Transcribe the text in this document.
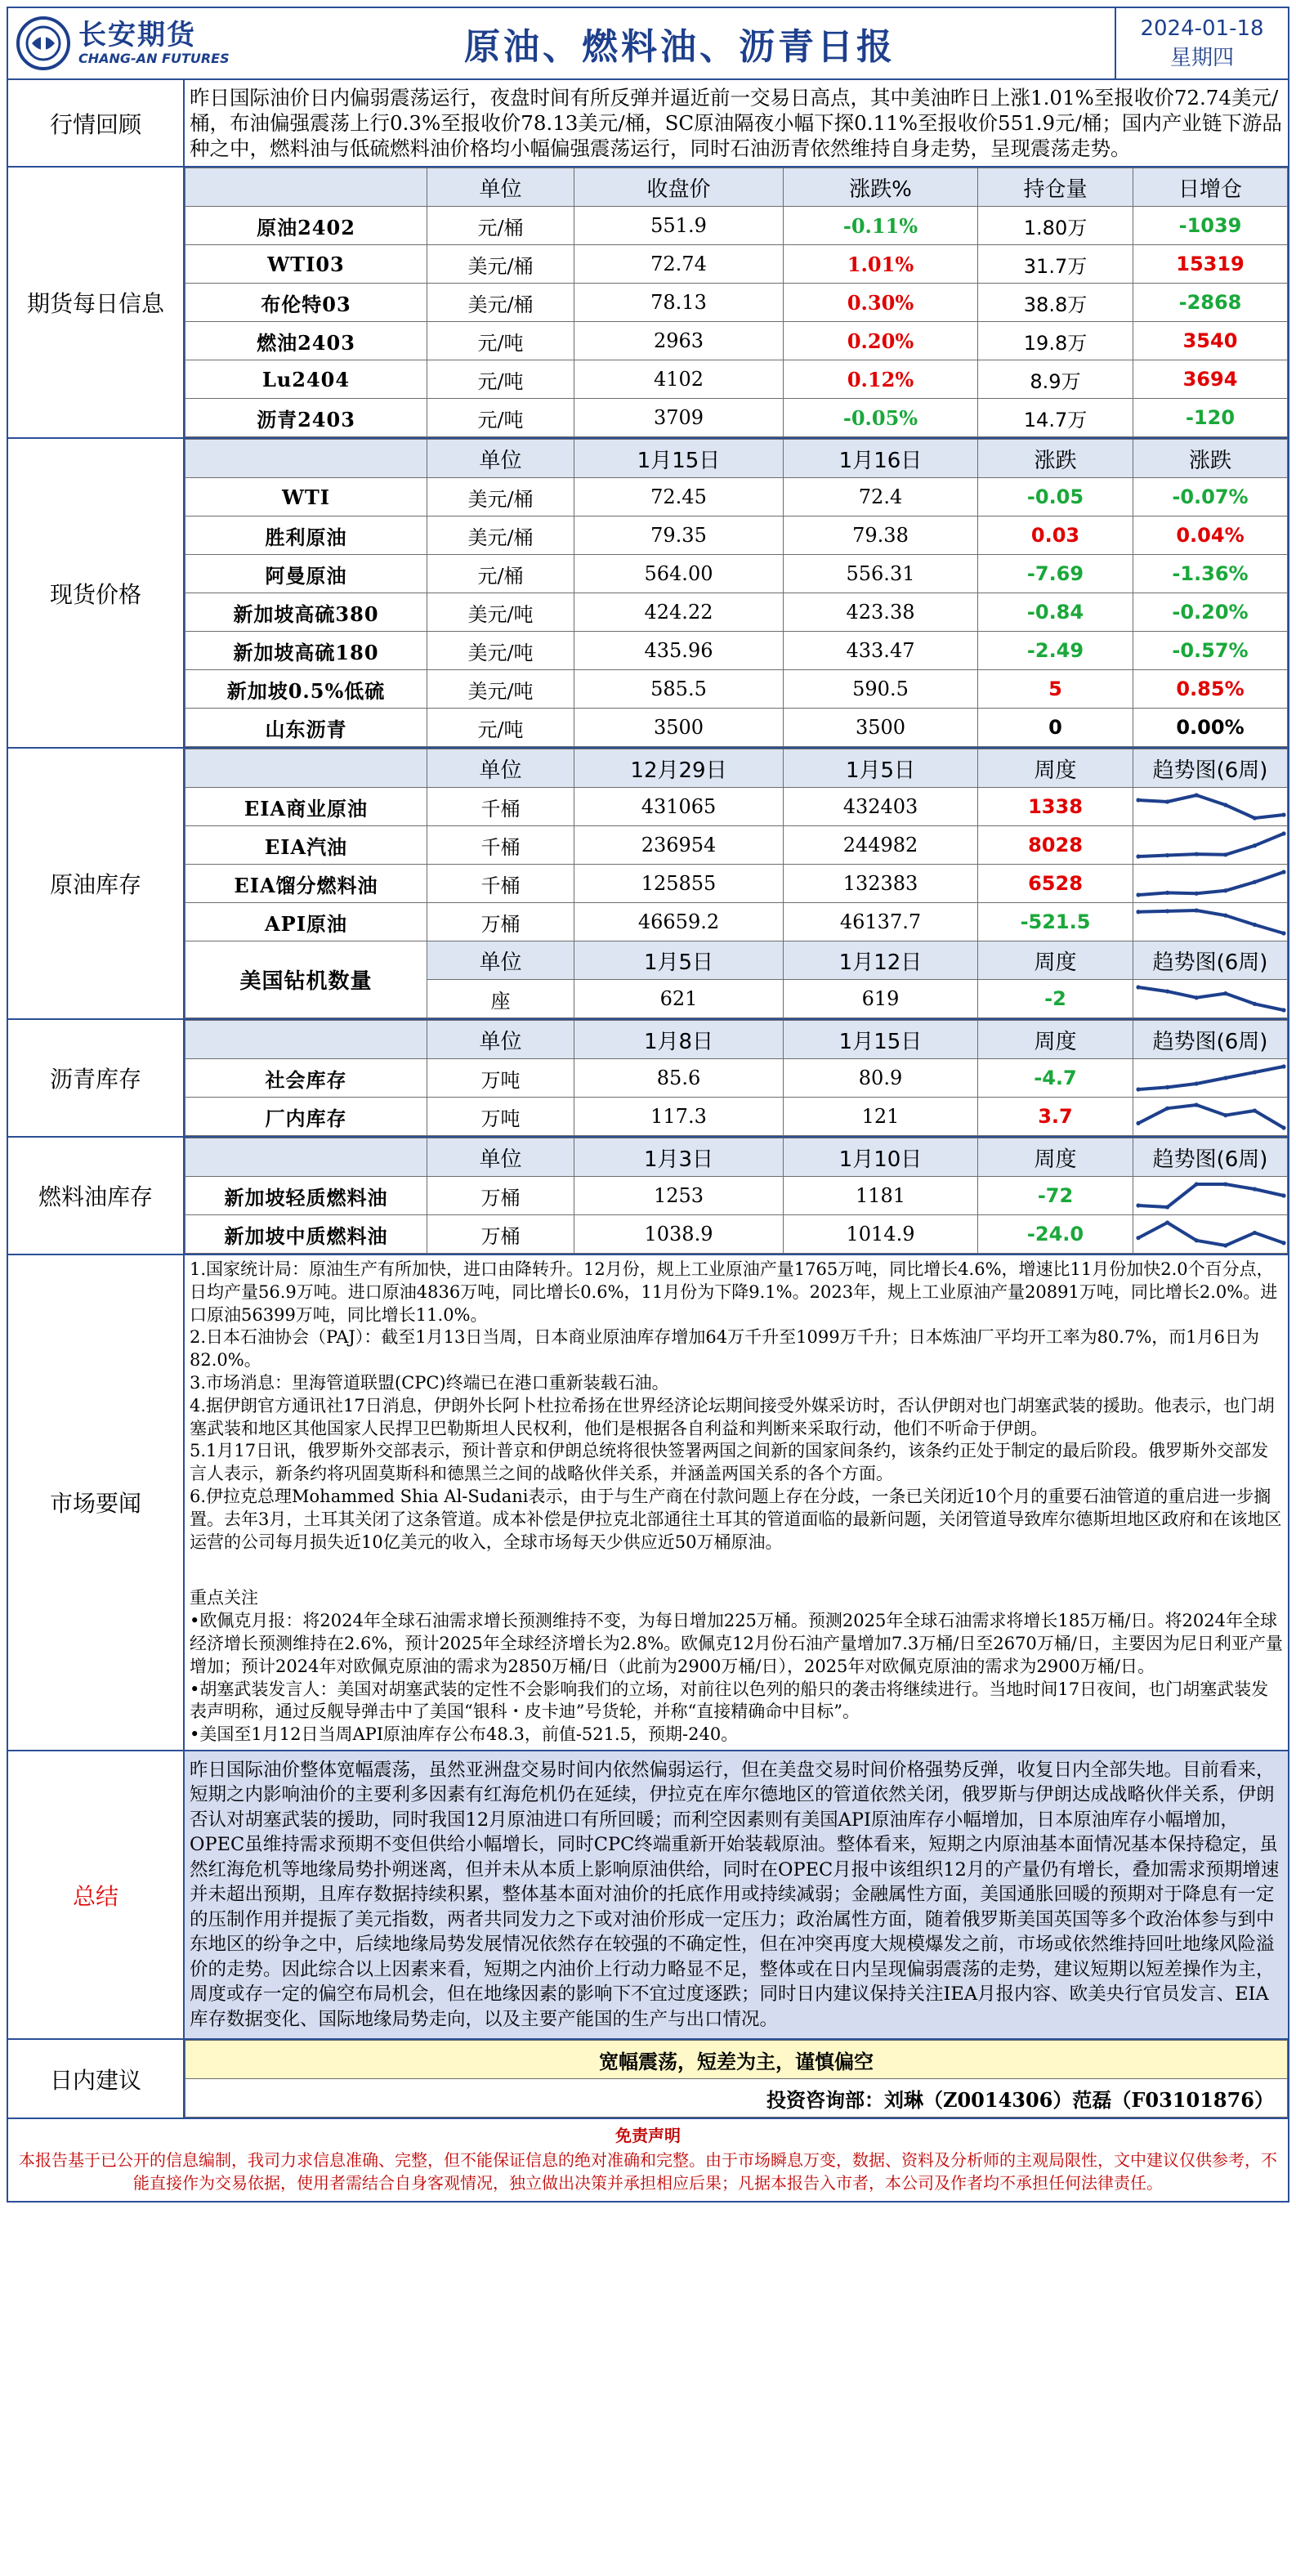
长安期货
CHANG-AN FUTURES	原油、燃料油、沥青日报	2024-01-18
星期四
行情回顾
昨日国际油价日内偏弱震荡运行，夜盘时间有所反弹并逼近前一交易日高点，其中美油昨日上涨1.01%至报收价72.74美元/桶，布油偏强震荡上行0.3%至报收价78.13美元/桶，SC原油隔夜小幅下探0.11%至报收价551.9元/桶；国内产业链下游品种之中，燃料油与低硫燃料油价格均小幅偏强震荡运行，同时石油沥青依然维持自身走势，呈现震荡走势。
期货每日信息
	单位	收盘价	涨跌%	持仓量	日增仓
原油2402	元/桶	551.9	-0.11%	1.80万	-1039
WTI03	美元/桶	72.74	1.01%	31.7万	15319
布伦特03	美元/桶	78.13	0.30%	38.8万	-2868
燃油2403	元/吨	2963	0.20%	19.8万	3540
Lu2404	元/吨	4102	0.12%	8.9万	3694
沥青2403	元/吨	3709	-0.05%	14.7万	-120
现货价格
	单位	1月15日	1月16日	涨跌	涨跌
WTI	美元/桶	72.45	72.4	-0.05	-0.07%
胜利原油	美元/桶	79.35	79.38	0.03	0.04%
阿曼原油	元/桶	564.00	556.31	-7.69	-1.36%
新加坡高硫380	美元/吨	424.22	423.38	-0.84	-0.20%
新加坡高硫180	美元/吨	435.96	433.47	-2.49	-0.57%
新加坡0.5%低硫	美元/吨	585.5	590.5	5	0.85%
山东沥青	元/吨	3500	3500	0	0.00%
原油库存
	单位	12月29日	1月5日	周度	趋势图(6周)
EIA商业原油	千桶	431065	432403	1338	

EIA汽油	千桶	236954	244982	8028	

EIA馏分燃料油	千桶	125855	132383	6528	

API原油	万桶	46659.2	46137.7	-521.5	

美国钻机数量	单位	1月5日	1月12日	周度	趋势图(6周)
	座	621	619	-2	
沥青库存
	单位	1月8日	1月15日	周度	趋势图(6周)
社会库存	万吨	85.6	80.9	-4.7	

厂内库存	万吨	117.3	121	3.7	
燃料油库存
	单位	1月3日	1月10日	周度	趋势图(6周)
新加坡轻质燃料油	万桶	1253	1181	-72	

新加坡中质燃料油	万桶	1038.9	1014.9	-24.0	
市场要闻

1.国家统计局：原油生产有所加快，进口由降转升。12月份，规上工业原油产量1765万吨，同比增长4.6%，增速比11月份加快2.0个百分点，日均产量56.9万吨。进口原油4836万吨，同比增长0.6%，11月份为下降9.1%。2023年，规上工业原油产量20891万吨，同比增长2.0%。进口原油56399万吨，同比增长11.0%。

2.日本石油协会（PAJ）：截至1月13日当周，日本商业原油库存增加64万千升至1099万千升；日本炼油厂平均开工率为80.7%，而1月6日为82.0%。

3.市场消息：里海管道联盟(CPC)终端已在港口重新装载石油。

4.据伊朗官方通讯社17日消息，伊朗外长阿卜杜拉希扬在世界经济论坛期间接受外媒采访时，否认伊朗对也门胡塞武装的援助。他表示，也门胡塞武装和地区其他国家人民捍卫巴勒斯坦人民权利，他们是根据各自利益和判断来采取行动，他们不听命于伊朗。

5.1月17日讯，俄罗斯外交部表示，预计普京和伊朗总统将很快签署两国之间新的国家间条约，该条约正处于制定的最后阶段。俄罗斯外交部发言人表示，新条约将巩固莫斯科和德黑兰之间的战略伙伴关系，并涵盖两国关系的各个方面。

6.伊拉克总理Mohammed Shia Al-Sudani表示，由于与生产商在付款问题上存在分歧，一条已关闭近10个月的重要石油管道的重启进一步搁置。去年3月，土耳其关闭了这条管道。成本补偿是伊拉克北部通往土耳其的管道面临的最新问题，关闭管道导致库尔德斯坦地区政府和在该地区运营的公司每月损失近10亿美元的收入，全球市场每天少供应近50万桶原油。

重点关注

•欧佩克月报：将2024年全球石油需求增长预测维持不变，为每日增加225万桶。预测2025年全球石油需求将增长185万桶/日。将2024年全球经济增长预测维持在2.6%，预计2025年全球经济增长为2.8%。欧佩克12月份石油产量增加7.3万桶/日至2670万桶/日，主要因为尼日利亚产量增加；预计2024年对欧佩克原油的需求为2850万桶/日（此前为2900万桶/日），2025年对欧佩克原油的需求为2900万桶/日。

•胡塞武装发言人：美国对胡塞武装的定性不会影响我们的立场，对前往以色列的船只的袭击将继续进行。当地时间17日夜间，也门胡塞武装发表声明称，通过反舰导弹击中了美国“银科・皮卡迪”号货轮，并称“直接精确命中目标”。

•美国至1月12日当周API原油库存公布48.3，前值-521.5，预期-240。

总结
昨日国际油价整体宽幅震荡，虽然亚洲盘交易时间内依然偏弱运行，但在美盘交易时间价格强势反弹，收复日内全部失地。目前看来，短期之内影响油价的主要利多因素有红海危机仍在延续，伊拉克在库尔德地区的管道依然关闭，俄罗斯与伊朗达成战略伙伴关系，伊朗否认对胡塞武装的援助，同时我国12月原油进口有所回暖；而利空因素则有美国API原油库存小幅增加，日本原油库存小幅增加，OPEC虽维持需求预期不变但供给小幅增长，同时CPC终端重新开始装载原油。整体看来，短期之内原油基本面情况基本保持稳定，虽然红海危机等地缘局势扑朔迷离，但并未从本质上影响原油供给，同时在OPEC月报中该组织12月的产量仍有增长，叠加需求预期增速并未超出预期，且库存数据持续积累，整体基本面对油价的托底作用或持续减弱；金融属性方面，美国通胀回暖的预期对于降息有一定的压制作用并提振了美元指数，两者共同发力之下或对油价形成一定压力；政治属性方面，随着俄罗斯美国英国等多个政治体参与到中东地区的纷争之中，后续地缘局势发展情况依然存在较强的不确定性，但在冲突再度大规模爆发之前，市场或依然维持回吐地缘风险溢价的走势。因此综合以上因素来看，短期之内油价上行动力略显不足，整体或在日内呈现偏弱震荡的走势，建议短期以短差操作为主，周度或存一定的偏空布局机会，但在地缘因素的影响下不宜过度逐跌；同时日内建议保持关注IEA月报内容、欧美央行官员发言、EIA库存数据变化、国际地缘局势走向，以及主要产能国的生产与出口情况。
日内建议
宽幅震荡，短差为主，谨慎偏空
投资咨询部：刘琳（Z0014306）范磊（F03101876）
免责声明
本报告基于已公开的信息编制，我司力求信息准确、完整，但不能保证信息的绝对准确和完整。由于市场瞬息万变，数据、资料及分析师的主观局限性，文中建议仅供参考，不能直接作为交易依据，使用者需结合自身客观情况，独立做出决策并承担相应后果；凡据本报告入市者，本公司及作者均不承担任何法律责任。
